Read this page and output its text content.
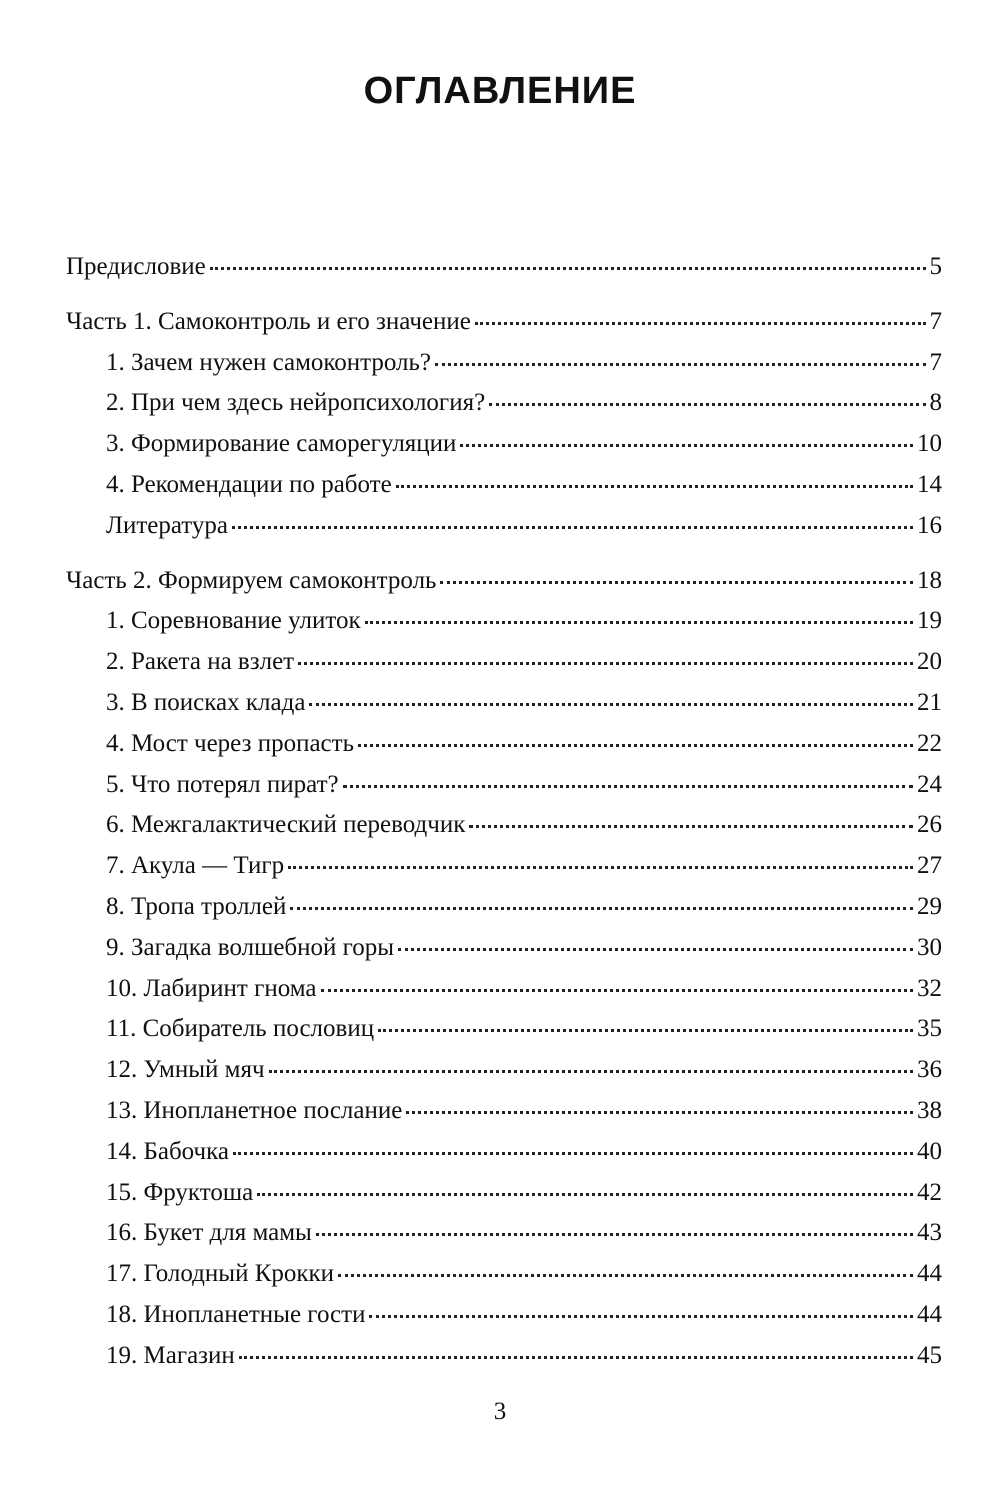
ОГЛАВЛЕНИЕ
Предисловие	5
Часть 1. Самоконтроль и его значение	7
1. Зачем нужен самоконтроль?	7
2. При чем здесь нейропсихология?	8
3. Формирование саморегуляции	10
4. Рекомендации по работе	14
Литература	16
Часть 2. Формируем самоконтроль	18
1. Соревнование улиток	19
2. Ракета на взлет	20
3. В поисках клада	21
4. Мост через пропасть	22
5. Что потерял пират?	24
6. Межгалактический переводчик	26
7. Акула — Тигр	27
8. Тропа троллей	29
9. Загадка волшебной горы	30
10. Лабиринт гнома	32
11. Собиратель пословиц	35
12. Умный мяч	36
13. Инопланетное послание	38
14. Бабочка	40
15. Фруктоша	42
16. Букет для мамы	43
17. Голодный Крокки	44
18. Инопланетные гости	44
19. Магазин	45
3
